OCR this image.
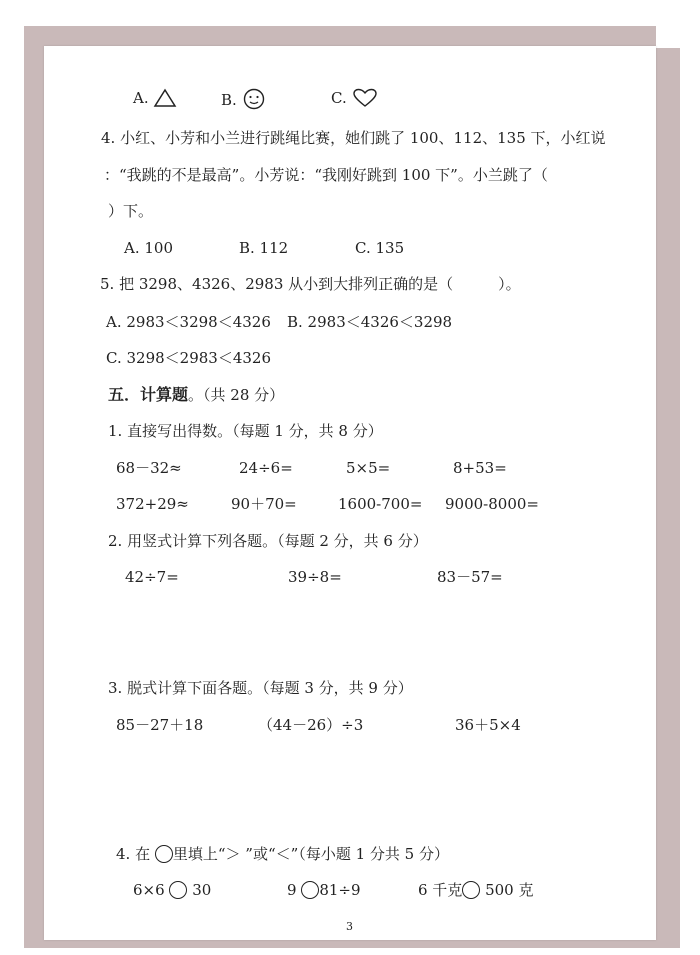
A.	B.	C.
4. 小红、小芳和小兰进行跳绳比赛，她们跳了 100、112、135 下，小红说
：“我跳的不是最高”。小芳说：“我刚好跳到 100 下”。小兰跳了（
）下。
A. 100	B. 112	C. 135
5. 把 3298、4326、2983 从小到大排列正确的是（　　　）。
A. 2983＜3298＜4326 B. 2983＜4326＜3298
C. 3298＜2983＜4326
五．计算题。（共 28 分）
1. 直接写出得数。（每题 1 分，共 8 分）
68－32≈	24÷6=	5×5=	8+53=
372+29≈	90＋70=	1600-700= 9000-8000=
2. 用竖式计算下列各题。（每题 2 分，共 6 分）
42÷7=	39÷8=	83－57=
3. 脱式计算下面各题。（每题 3 分，共 9 分）
85－27＋18	（44－26）÷3	36＋5×4
4. 在 里填上“＞ ”或“＜”（每小题 1 分共 5 分）
6×6 30	9 81÷9	6 千克 500 克
3
